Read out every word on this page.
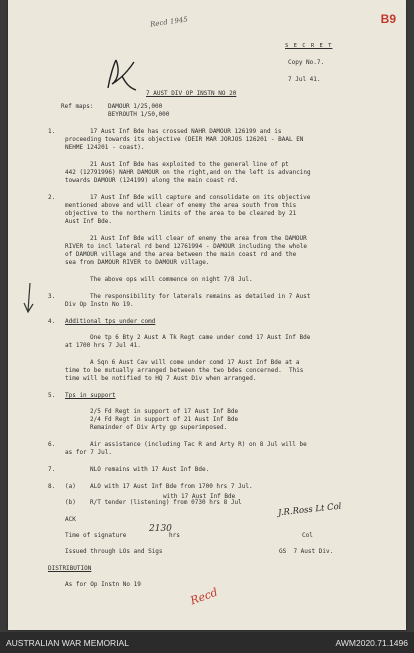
Recd 1945	B9
S E C R E T
Copy No.7.
7 Jul 41.
7 AUST DIV OP INSTN NO 20
Ref maps: DAMOUR 1/25,000
BEYROUTH 1/50,000
1.	17 Aust Inf Bde has crossed NAHR DAMOUR 126199 and is
proceeding towards its objective (DEIR MAR JORJOS 126201 - BAAL EN
NEHME 124201 - coast).
21 Aust Inf Bde has exploited to the general line of pt
442 (12791996) NAHR DAMOUR on the right,and on the left is advancing
towards DAMOUR (124199) along the main coast rd.
2.	17 Aust Inf Bde will capture and consolidate on its objective
mentioned above and will clear of enemy the area south from this
objective to the northern limits of the area to be cleared by 21
Aust Inf Bde.
21 Aust Inf Bde will clear of enemy the area from the DAMOUR
RIVER to incl lateral rd bend 12761994 - DAMOUR including the whole
of DAMOUR village and the area between the main coast rd and the
sea from DAMOUR RIVER to DAMOUR village.
The above ops will commence on night 7/8 Jul.
3.	The responsibility for laterals remains as detailed in 7 Aust
Div Op Instn No 19.
4. Additional tps under comd
One tp 6 Bty 2 Aust A Tk Regt came under comd 17 Aust Inf Bde
at 1700 hrs 7 Jul 41.
A Sqn 6 Aust Cav will come under comd 17 Aust Inf Bde at a
time to be mutually arranged between the two bdes concerned.  This
time will be notified to HQ 7 Aust Div when arranged.
5. Tps in support
2/5 Fd Regt in support of 17 Aust Inf Bde
2/4 Fd Regt in support of 21 Aust Inf Bde
Remainder of Div Arty gp superimposed.
6.	Air assistance (including Tac R and Arty R) on 8 Jul will be
as for 7 Jul.
7.	NLO remains with 17 Aust Inf Bde.
8. (a) ALO with 17 Aust Inf Bde from 1700 hrs 7 Jul.
with 17 Aust Inf Bde
(b) R/T tender (listening) from 0730 hrs 8 Jul
ACK
Time of signature
2130
hrs
J.R.Ross Lt Col
Col
Issued through LOs and Sigs	GS  7 Aust Div.
DISTRIBUTION
As for Op Instn No 19
Recd
AUSTRALIAN WAR MEMORIAL	AWM2020.71.1496
